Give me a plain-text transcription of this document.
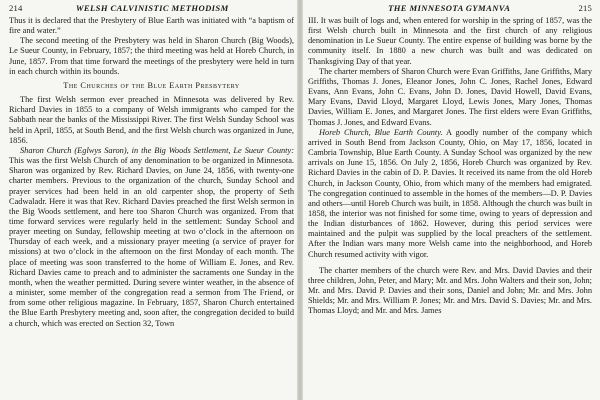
214	WELSH CALVINISTIC METHODISM

Thus it is declared that the Presbytery of Blue Earth was initiated with “a baptism of fire and water.”

The second meeting of the Presbytery was held in Sharon Church (Big Woods), Le Sueur County, in February, 1857; the third meeting was held at Horeb Church, in June, 1857. From that time forward the meetings of the presbytery were held in turn in each church within its bounds.

The Churches of the Blue Earth Presbytery

The first Welsh sermon ever preached in Minnesota was delivered by Rev. Richard Davies in 1855 to a company of Welsh immigrants who camped for the Sabbath near the banks of the Mississippi River. The first Welsh Sunday School was held in April, 1855, at South Bend, and the first Welsh church was organized in June, 1856.

Sharon Church (Eglwys Saron), in the Big Woods Settlement, Le Sueur County: This was the first Welsh Church of any denomination to be organized in Minnesota. Sharon was organized by Rev. Richard Davies, on June 24, 1856, with twenty-one charter members. Previous to the organization of the church, Sunday School and prayer services had been held in an old carpenter shop, the property of Seth Cadwaladr. Here it was that Rev. Richard Davies preached the first Welsh sermon in the Big Woods settlement, and here too Sharon Church was organized. From that time forward services were regularly held in the settlement: Sunday School and prayer meeting on Sunday, fellowship meeting at two o’clock in the afternoon on Thursday of each week, and a missionary prayer meeting (a service of prayer for missions) at two o’clock in the afternoon on the first Monday of each month. The place of meeting was soon transferred to the home of William E. Jones, and Rev. Richard Davies came to preach and to administer the sacraments one Sunday in the month, when the weather permitted. During severe winter weather, in the absence of a minister, some member of the congregation read a sermon from The Friend, or from some other religious magazine. In February, 1857, Sharon Church entertained the Blue Earth Presbytery meeting and, soon after, the congregation decided to build a church, which was erected on Section 32, Town

THE MINNESOTA GYMANVA	215

III. It was built of logs and, when entered for worship in the spring of 1857, was the first Welsh church built in Minnesota and the first church of any religious denomination in Le Sueur County. The entire expense of building was borne by the community itself. In 1880 a new church was built and was dedicated on Thanksgiving Day of that year.

The charter members of Sharon Church were Evan Griffiths, Jane Griffiths, Mary Griffiths, Thomas J. Jones, Eleanor Jones, John C. Jones, Rachel Jones, Edward Evans, Ann Evans, John C. Evans, John D. Jones, David Howell, David Evans, Mary Evans, David Lloyd, Margaret Lloyd, Lewis Jones, Mary Jones, Thomas Davies, William E. Jones, and Margaret Jones. The first elders were Evan Griffiths, Thomas J. Jones, and Edward Evans.

Horeb Church, Blue Earth County. A goodly number of the company which arrived in South Bend from Jackson County, Ohio, on May 17, 1856, located in Cambria Township, Blue Earth County. A Sunday School was organized by the new arrivals on June 15, 1856. On July 2, 1856, Horeb Church was organized by Rev. Richard Davies in the cabin of D. P. Davies. It received its name from the old Horeb Church, in Jackson County, Ohio, from which many of the members had emigrated. The congregation continued to assemble in the homes of the members—D. P. Davies and others—until Horeb Church was built, in 1858. Although the church was built in 1858, the interior was not finished for some time, owing to years of depression and the Indian disturbances of 1862. However, during this period services were maintained and the pulpit was supplied by the local preachers of the settlement. After the Indian wars many more Welsh came into the neighborhood, and Horeb Church resumed activity with vigor.

The charter members of the church were Rev. and Mrs. David Davies and their three children, John, Peter, and Mary; Mr. and Mrs. John Walters and their son, John; Mr. and Mrs. David P. Davies and their sons, Daniel and John; Mr. and Mrs. John Shields; Mr. and Mrs. William P. Jones; Mr. and Mrs. David S. Davies; Mr. and Mrs. Thomas Lloyd; and Mr. and Mrs. James
